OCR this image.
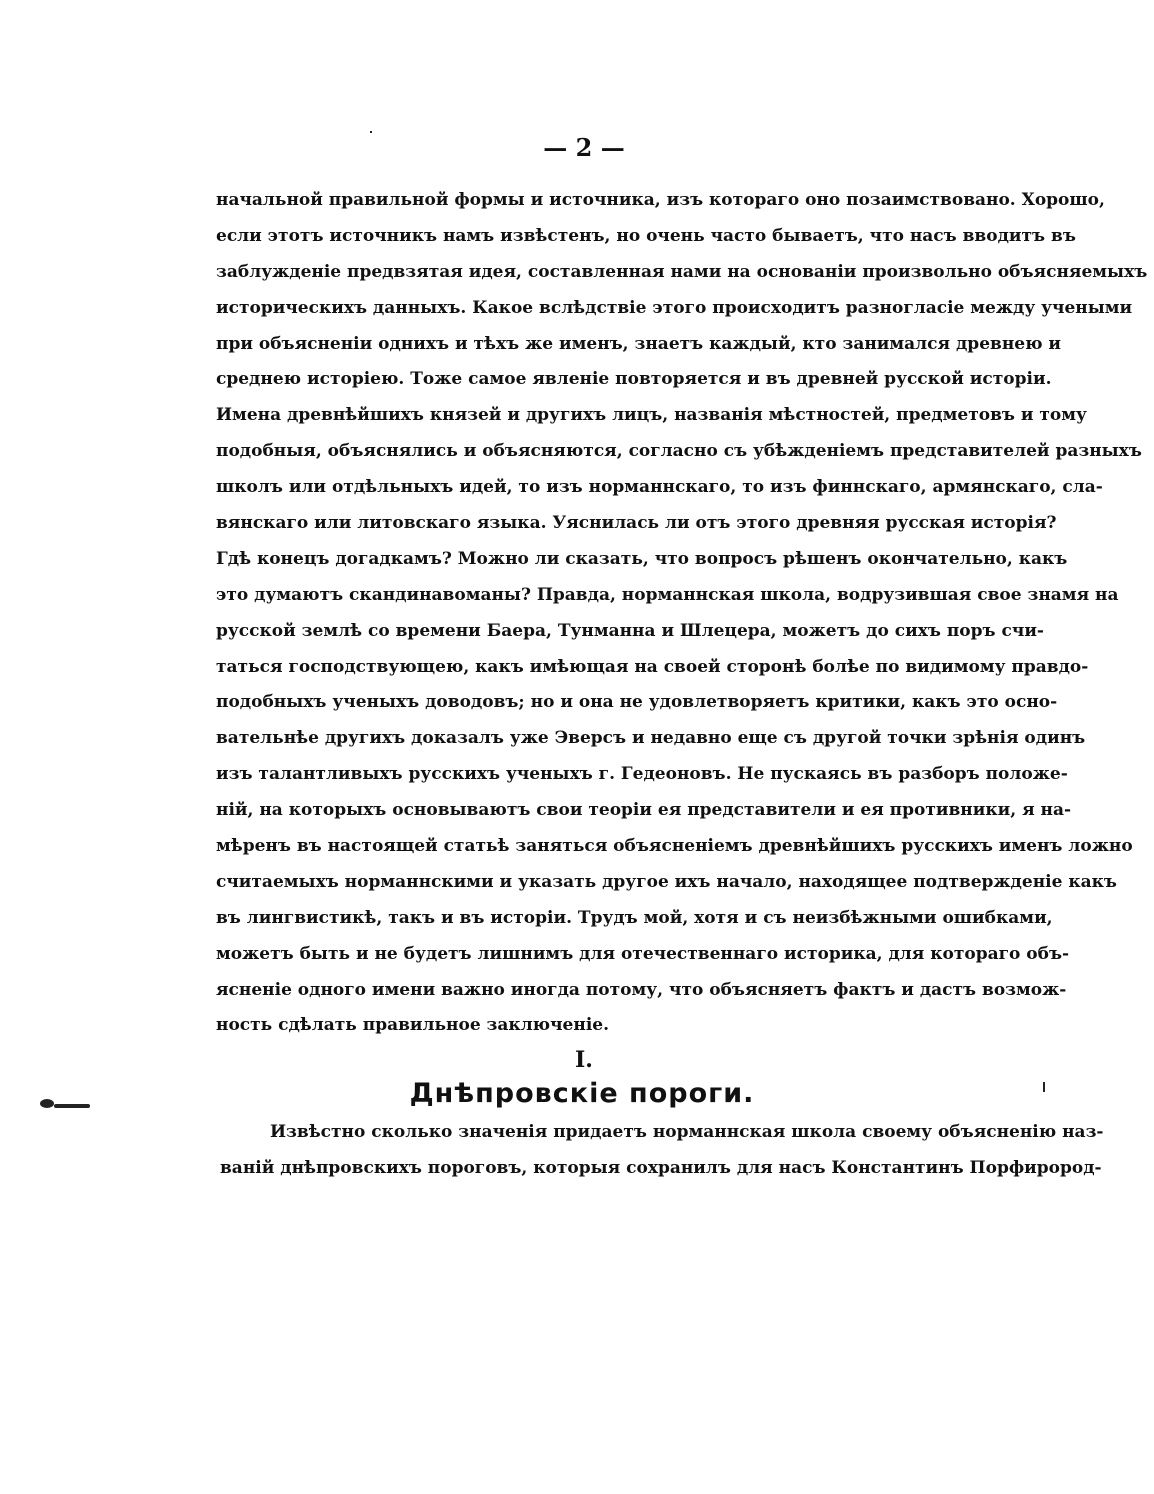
— 2 —
начальной правильной формы и источника, изъ котораго оно позаимствовано. Хорошо,
если этотъ источникъ намъ извѣстенъ, но очень часто бываетъ, что насъ вводитъ въ
заблужденіе предвзятая идея, составленная нами на основаніи произвольно объясняемыхъ
историческихъ данныхъ. Какое вслѣдствіе этого происходитъ разногласіе между учеными
при объясненіи однихъ и тѣхъ же именъ, знаетъ каждый, кто занимался древнею и
среднею исторіею. Тоже самое явленіе повторяется и въ древней русской исторіи.
Имена древнѣйшихъ князей и другихъ лицъ, названія мѣстностей, предметовъ и тому
подобныя, объяснялись и объясняются, согласно съ убѣжденіемъ представителей разныхъ
школъ или отдѣльныхъ идей, то изъ норманнскаго, то изъ финнскаго, армянскаго, сла-
вянскаго или литовскаго языка. Уяснилась ли отъ этого древняя русская исторія?
Гдѣ конецъ догадкамъ? Можно ли сказать, что вопросъ рѣшенъ окончательно, какъ
это думаютъ скандинавоманы? Правда, норманнская школа, водрузившая свое знамя на
русской землѣ со времени Баера, Тунманна и Шлецера, можетъ до сихъ поръ счи-
таться господствующею, какъ имѣющая на своей сторонѣ болѣе по видимому правдо-
подобныхъ ученыхъ доводовъ; но и она не удовлетворяетъ критики, какъ это осно-
вательнѣе другихъ доказалъ уже Эверсъ и недавно еще съ другой точки зрѣнія одинъ
изъ талантливыхъ русскихъ ученыхъ г. Гедеоновъ. Не пускаясь въ разборъ положе-
ній, на которыхъ основываютъ свои теоріи ея представители и ея противники, я на-
мѣренъ въ настоящей статьѣ заняться объясненіемъ древнѣйшихъ русскихъ именъ ложно
считаемыхъ норманнскими и указать другое ихъ начало, находящее подтвержденіе какъ
въ лингвистикѣ, такъ и въ исторіи. Трудъ мой, хотя и съ неизбѣжными ошибками,
можетъ быть и не будетъ лишнимъ для отечественнаго историка, для котораго объ-
ясненіе одного имени важно иногда потому, что объясняетъ фактъ и дастъ возмож-
ность сдѣлать правильное заключеніе.
I.
Днѣпровскіе пороги.
Извѣстно сколько значенія придаетъ норманнская школа своему объясненію наз-
ваній днѣпровскихъ пороговъ, которыя сохранилъ для насъ Константинъ Порфирород-
